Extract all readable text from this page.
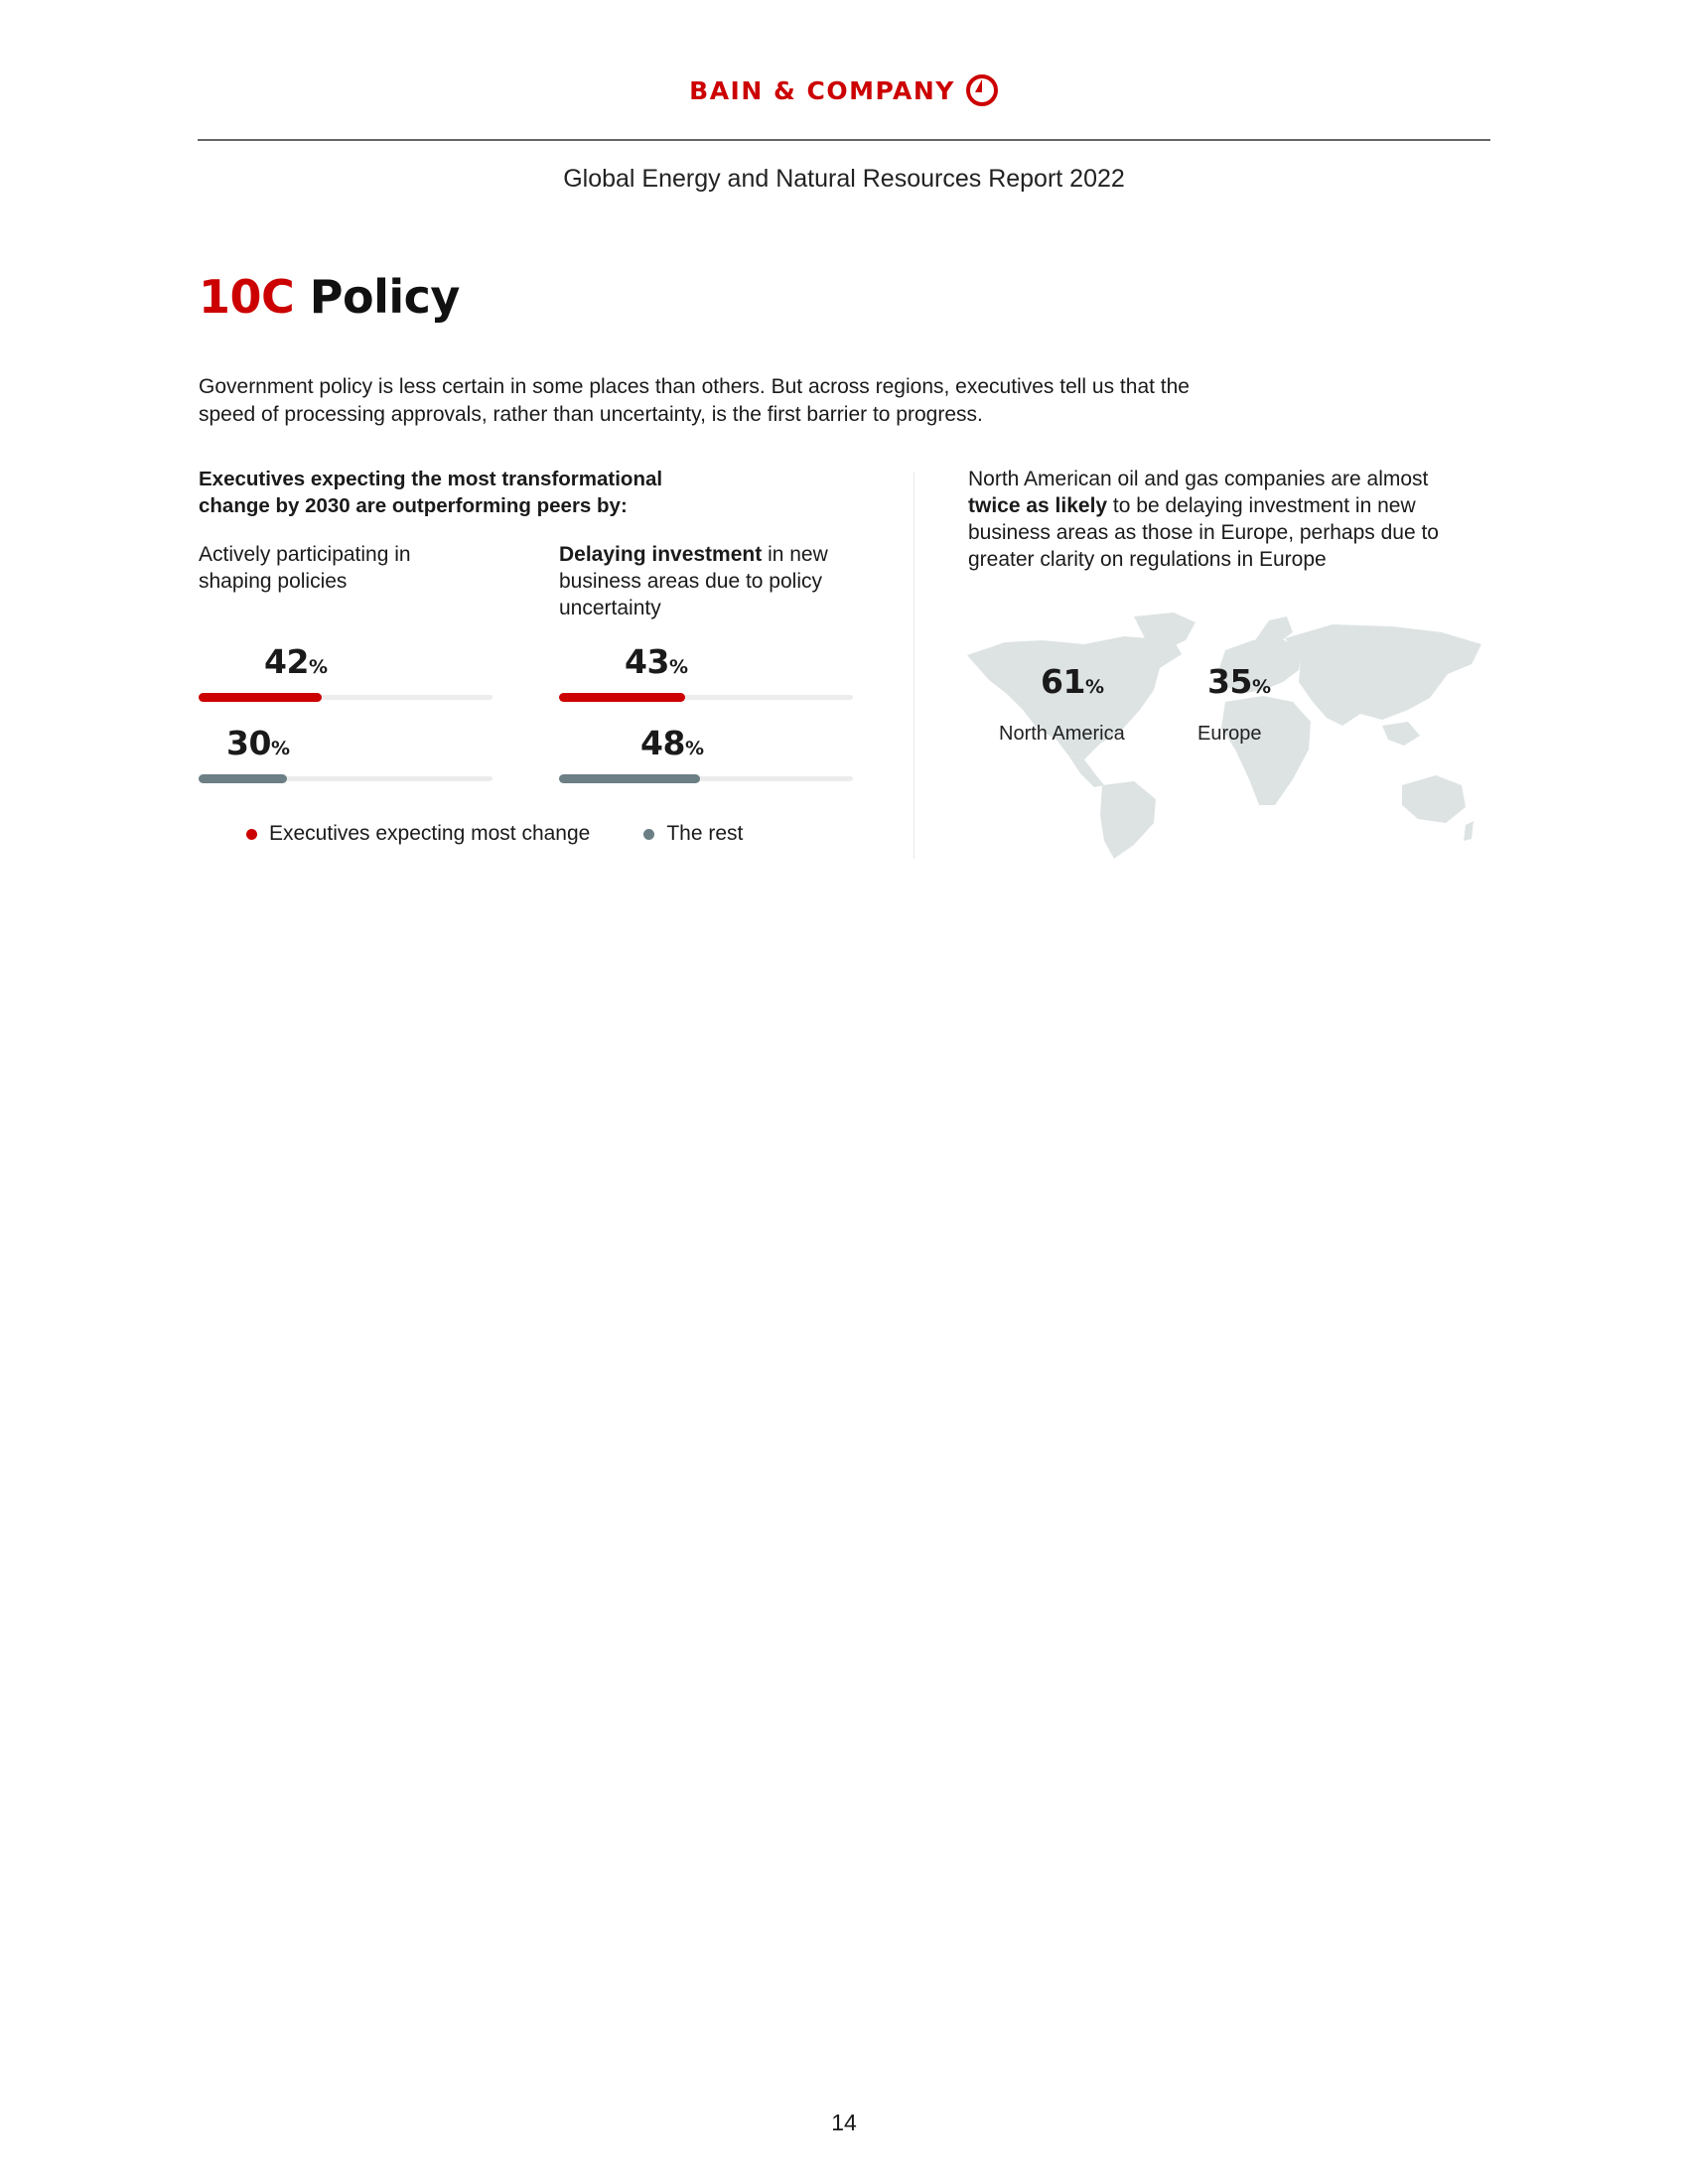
BAIN & COMPANY
Global Energy and Natural Resources Report 2022
10C Policy

Government policy is less certain in some places than others. But across regions, executives tell us that the speed of processing approvals, rather than uncertainty, is the first barrier to progress.

Executives expecting the most transformational change by 2030 are outperforming peers by:

Actively participating in shaping policies

Delaying investment in new business areas due to policy uncertainty

42%
30%
43%
48%
Executives expecting most change	The rest

North American oil and gas companies are almost twice as likely to be delaying investment in new business areas as those in Europe, perhaps due to greater clarity on regulations in Europe

61%
North America
35%
Europe
14
